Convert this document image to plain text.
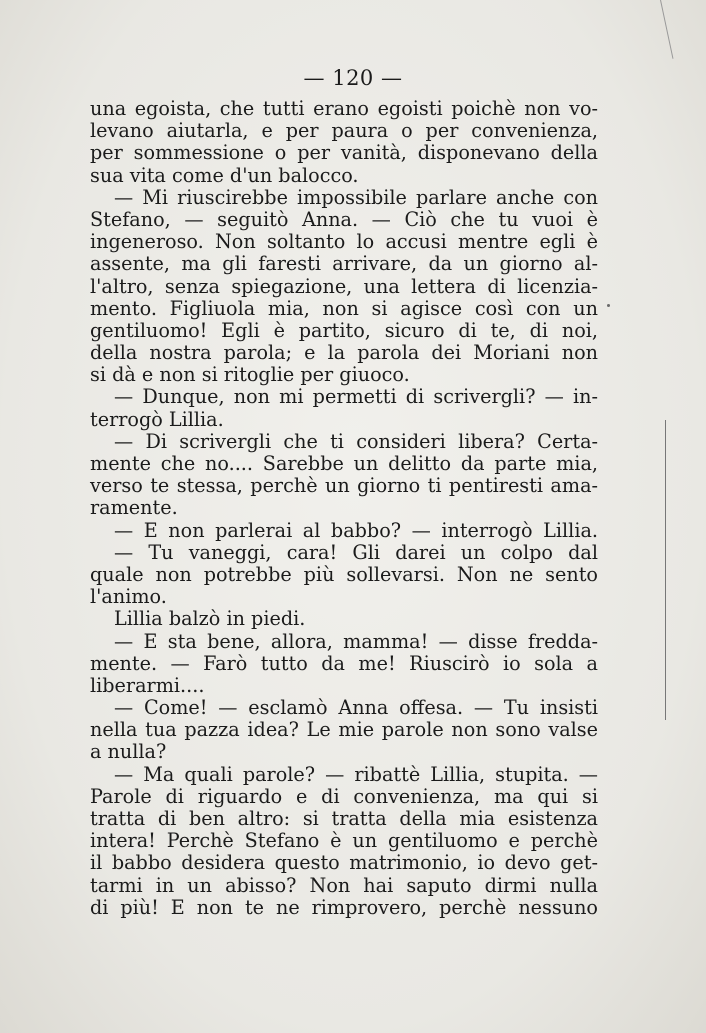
— 120 —
una egoista, che tutti erano egoisti poichè non vo-
levano aiutarla, e per paura o per convenienza,
per sommessione o per vanità, disponevano della
sua vita come d'un balocco.
— Mi riuscirebbe impossibile parlare anche con
Stefano, — seguitò Anna. — Ciò che tu vuoi è
ingeneroso. Non soltanto lo accusi mentre egli è
assente, ma gli faresti arrivare, da un giorno al-
l'altro, senza spiegazione, una lettera di licenzia-
mento. Figliuola mia, non si agisce così con un
gentiluomo! Egli è partito, sicuro di te, di noi,
della nostra parola; e la parola dei Moriani non
si dà e non si ritoglie per giuoco.
— Dunque, non mi permetti di scrivergli? — in-
terrogò Lillia.
— Di scrivergli che ti consideri libera? Certa-
mente che no.... Sarebbe un delitto da parte mia,
verso te stessa, perchè un giorno ti pentiresti ama-
ramente.
— E non parlerai al babbo? — interrogò Lillia.
— Tu vaneggi, cara! Gli darei un colpo dal
quale non potrebbe più sollevarsi. Non ne sento
l'animo.
Lillia balzò in piedi.
— E sta bene, allora, mamma! — disse fredda-
mente. — Farò tutto da me! Riuscirò io sola a
liberarmi....
— Come! — esclamò Anna offesa. — Tu insisti
nella tua pazza idea? Le mie parole non sono valse
a nulla?
— Ma quali parole? — ribattè Lillia, stupita. —
Parole di riguardo e di convenienza, ma qui si
tratta di ben altro: si tratta della mia esistenza
intera! Perchè Stefano è un gentiluomo e perchè
il babbo desidera questo matrimonio, io devo get-
tarmi in un abisso? Non hai saputo dirmi nulla
di più! E non te ne rimprovero, perchè nessuno
